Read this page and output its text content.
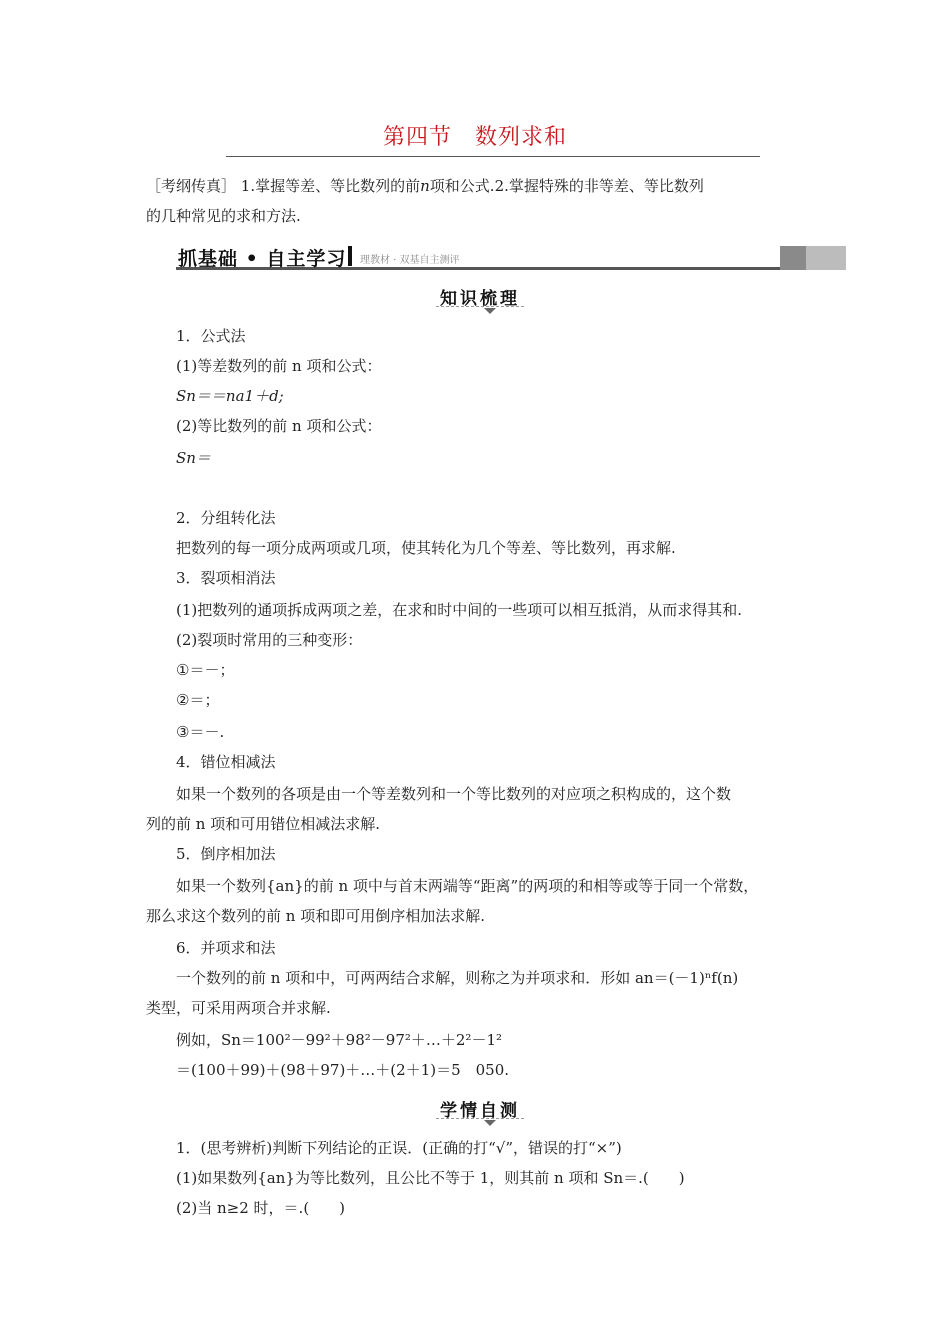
第四节　数列求和
［考纲传真］ 1.掌握等差、等比数列的前n项和公式.2.掌握特殊的非等差、等比数列
的几种常见的求和方法.
抓基础 • 自主学习 理教材 · 双基自主测评
知识梳理
1．公式法
(1)等差数列的前 n 项和公式：
Sn＝＝na1＋d;
(2)等比数列的前 n 项和公式：
Sn＝
2．分组转化法
把数列的每一项分成两项或几项，使其转化为几个等差、等比数列，再求解.
3．裂项相消法
(1)把数列的通项拆成两项之差，在求和时中间的一些项可以相互抵消，从而求得其和.
(2)裂项时常用的三种变形：
①＝－；
②＝；
③＝－.
4．错位相减法
如果一个数列的各项是由一个等差数列和一个等比数列的对应项之积构成的，这个数
列的前 n 项和可用错位相减法求解.
5．倒序相加法
如果一个数列{an}的前 n 项中与首末两端等“距离”的两项的和相等或等于同一个常数，
那么求这个数列的前 n 项和即可用倒序相加法求解.
6．并项求和法
一个数列的前 n 项和中，可两两结合求解，则称之为并项求和．形如 an＝(－1)ⁿf(n)
类型，可采用两项合并求解.
例如，Sn＝100²－99²＋98²－97²＋…＋2²－1²
＝(100＋99)＋(98＋97)＋…＋(2＋1)＝5　050.
学情自测
1．(思考辨析)判断下列结论的正误．(正确的打“√”，错误的打“×”)
(1)如果数列{an}为等比数列，且公比不等于 1，则其前 n 项和 Sn＝.(　　)
(2)当 n≥2 时，＝.(　　)
